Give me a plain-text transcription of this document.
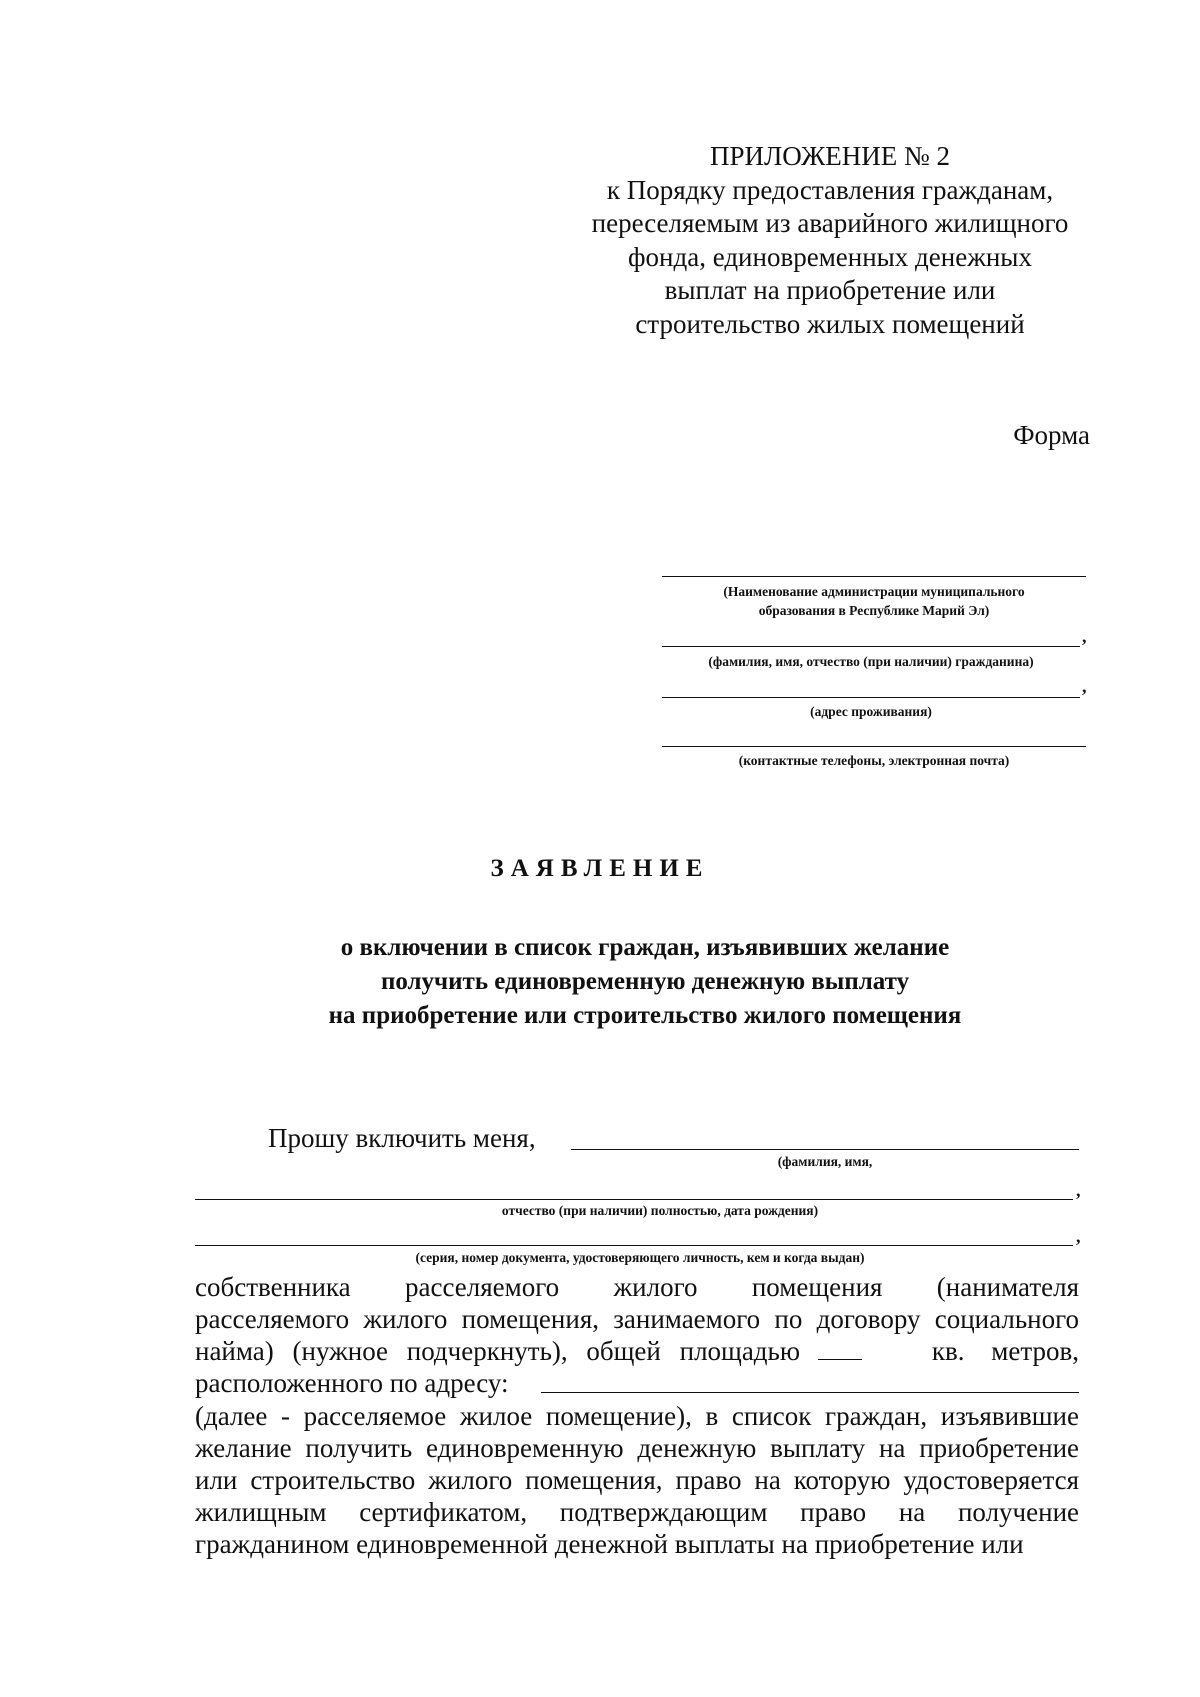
ПРИЛОЖЕНИЕ № 2
к Порядку предоставления гражданам,
переселяемым из аварийного жилищного
фонда, единовременных денежных
выплат на приобретение или
строительство жилых помещений
Форма
(Наименование администрации муниципального
образования в Республике Марий Эл)
(фамилия, имя, отчество (при наличии) гражданина)
,
(адрес проживания)
,
(контактные телефоны, электронная почта)
ЗАЯВЛЕНИЕ
о включении в список граждан, изъявивших желание
получить единовременную денежную выплату
на приобретение или строительство жилого помещения
Прошу включить меня,
(фамилия, имя,
,
отчество (при наличии) полностью, дата рождения)
,
(серия, номер документа, удостоверяющего личность, кем и когда выдан)
собственника расселяемого жилого помещения (нанимателя
расселяемого жилого помещения, занимаемого по договору социального
найма) (нужное подчеркнуть), общей площадью	кв. метров,
расположенного по адресу:
(далее - расселяемое жилое помещение), в список граждан, изъявившие
желание получить единовременную денежную выплату на приобретение
или строительство жилого помещения, право на которую удостоверяется
жилищным сертификатом, подтверждающим право на получение
гражданином единовременной денежной выплаты на приобретение или
